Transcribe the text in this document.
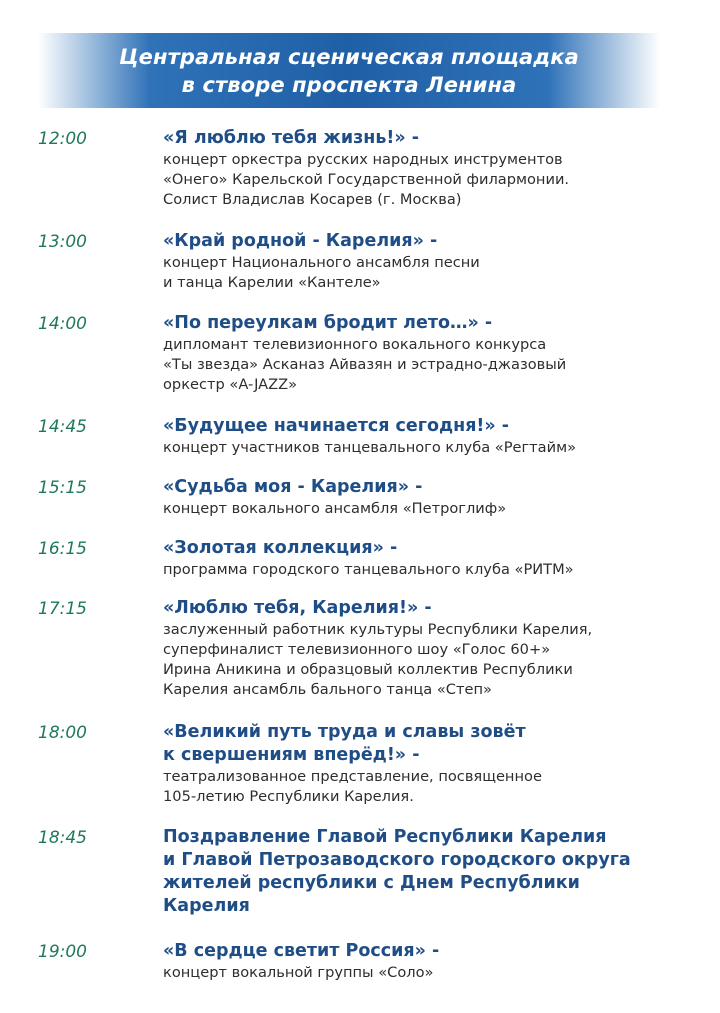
Центральная сценическая площадка
в створе проспекта Ленина
12:00	«Я люблю тебя жизнь!» -
концерт оркестра русских народных инструментов
«Онего» Карельской Государственной филармонии.
Солист Владислав Косарев (г. Москва)
13:00	«Край родной - Карелия» -
концерт Национального ансамбля песни
и танца Карелии «Кантеле»
14:00	«По переулкам бродит лето…» -
дипломант телевизионного вокального конкурса
«Ты звезда» Асканаз Айвазян и эстрадно-джазовый
оркестр «A-JAZZ»
14:45	«Будущее начинается сегодня!» -
концерт участников танцевального клуба «Регтайм»
15:15	«Судьба моя - Карелия» -
концерт вокального ансамбля «Петроглиф»
16:15	«Золотая коллекция» -
программа городского танцевального клуба «РИТМ»
17:15	«Люблю тебя, Карелия!» -
заслуженный работник культуры Республики Карелия,
суперфиналист телевизионного шоу «Голос 60+»
Ирина Аникина и образцовый коллектив Республики
Карелия ансамбль бального танца «Степ»
18:00	«Великий путь труда и славы зовёт
к свершениям вперёд!» -
театрализованное представление, посвященное
105-летию Республики Карелия.
18:45	Поздравление Главой Республики Карелия
и Главой Петрозаводского городского округа
жителей республики с Днем Республики
Карелия
19:00	«В сердце светит Россия» -
концерт вокальной группы «Соло»
